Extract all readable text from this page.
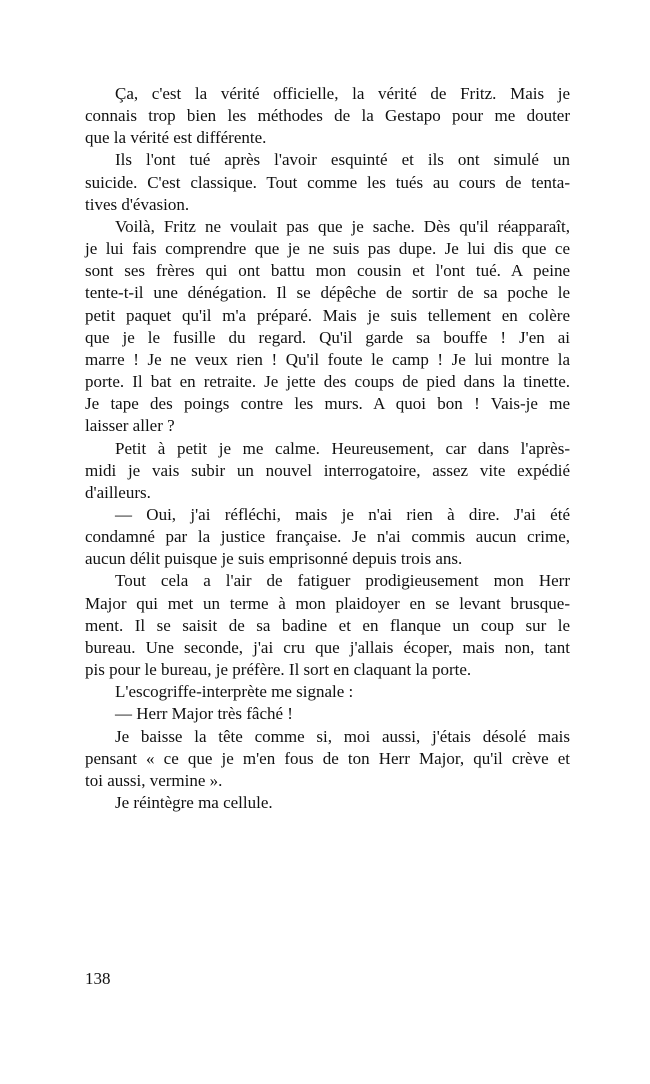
Ça, c'est la vérité officielle, la vérité de Fritz. Mais je
connais trop bien les méthodes de la Gestapo pour me douter
que la vérité est différente.
Ils l'ont tué après l'avoir esquinté et ils ont simulé un
suicide. C'est classique. Tout comme les tués au cours de tenta-
tives d'évasion.
Voilà, Fritz ne voulait pas que je sache. Dès qu'il réapparaît,
je lui fais comprendre que je ne suis pas dupe. Je lui dis que ce
sont ses frères qui ont battu mon cousin et l'ont tué. A peine
tente-t-il une dénégation. Il se dépêche de sortir de sa poche le
petit paquet qu'il m'a préparé. Mais je suis tellement en colère
que je le fusille du regard. Qu'il garde sa bouffe ! J'en ai
marre ! Je ne veux rien ! Qu'il foute le camp ! Je lui montre la
porte. Il bat en retraite. Je jette des coups de pied dans la tinette.
Je tape des poings contre les murs. A quoi bon ! Vais-je me
laisser aller ?
Petit à petit je me calme. Heureusement, car dans l'après-
midi je vais subir un nouvel interrogatoire, assez vite expédié
d'ailleurs.
— Oui, j'ai réfléchi, mais je n'ai rien à dire. J'ai été
condamné par la justice française. Je n'ai commis aucun crime,
aucun délit puisque je suis emprisonné depuis trois ans.
Tout cela a l'air de fatiguer prodigieusement mon Herr
Major qui met un terme à mon plaidoyer en se levant brusque-
ment. Il se saisit de sa badine et en flanque un coup sur le
bureau. Une seconde, j'ai cru que j'allais écoper, mais non, tant
pis pour le bureau, je préfère. Il sort en claquant la porte.
L'escogriffe-interprète me signale :
— Herr Major très fâché !
Je baisse la tête comme si, moi aussi, j'étais désolé mais
pensant « ce que je m'en fous de ton Herr Major, qu'il crève et
toi aussi, vermine ».
Je réintègre ma cellule.
138
